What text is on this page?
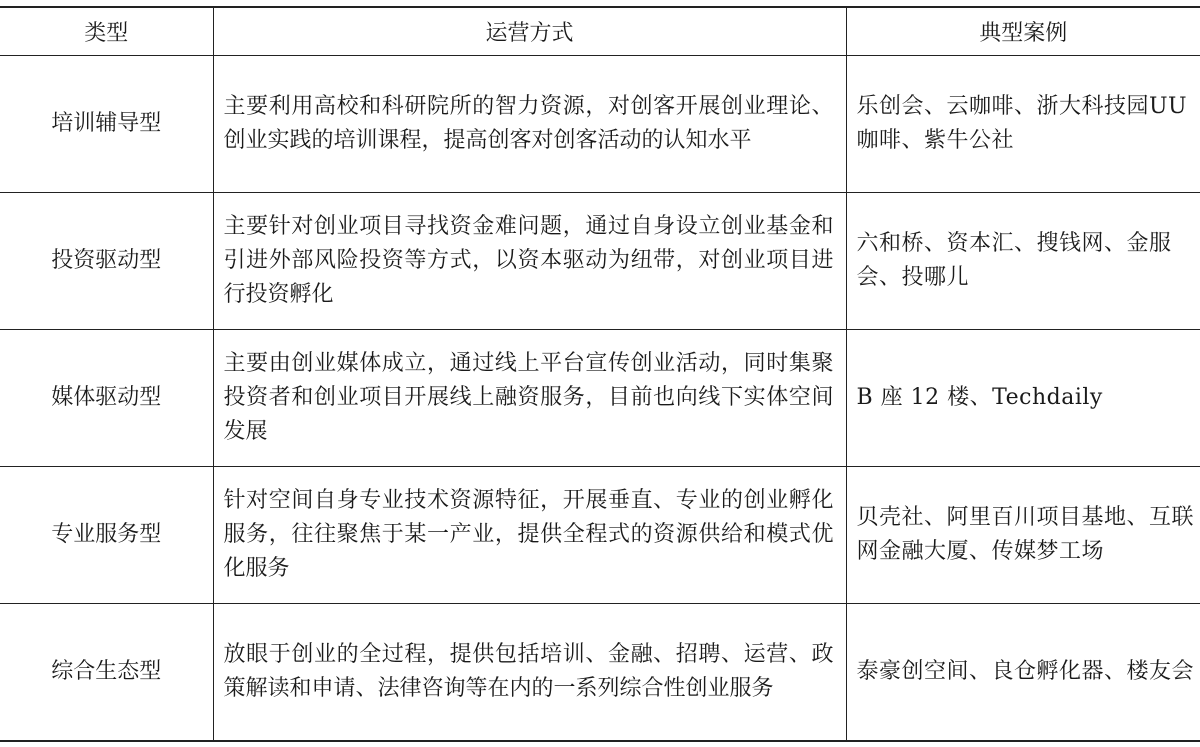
类型	运营方式	典型案例
培训辅导型	主要利用高校和科研院所的智力资源，对创客开展创业理论、创业实践的培训课程，提高创客对创客活动的认知水平	乐创会、云咖啡、浙大科技园UU 咖啡、紫牛公社
投资驱动型	主要针对创业项目寻找资金难问题，通过自身设立创业基金和引进外部风险投资等方式，以资本驱动为纽带，对创业项目进行投资孵化	六和桥、资本汇、搜钱网、金服会、投哪儿
媒体驱动型	主要由创业媒体成立，通过线上平台宣传创业活动，同时集聚投资者和创业项目开展线上融资服务，目前也向线下实体空间发展	B 座 12 楼、Techdaily
专业服务型	针对空间自身专业技术资源特征，开展垂直、专业的创业孵化服务，往往聚焦于某一产业，提供全程式的资源供给和模式优化服务	贝壳社、阿里百川项目基地、互联网金融大厦、传媒梦工场
综合生态型	放眼于创业的全过程，提供包括培训、金融、招聘、运营、政策解读和申请、法律咨询等在内的一系列综合性创业服务	泰豪创空间、良仓孵化器、楼友会
